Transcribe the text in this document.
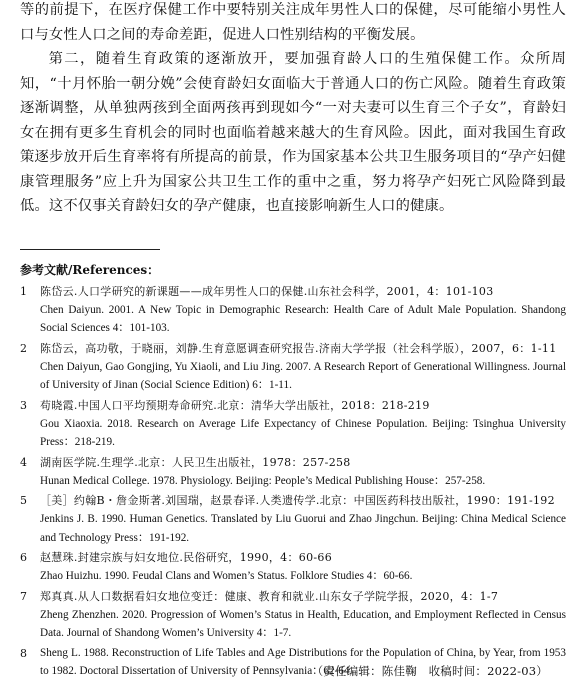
等的前提下，在医疗保健工作中要特别关注成年男性人口的保健，尽可能缩小男性人口与女性人口之间的寿命差距，促进人口性别结构的平衡发展。

第二，随着生育政策的逐渐放开，要加强育龄人口的生殖保健工作。众所周知，“十月怀胎一朝分娩”会使育龄妇女面临大于普通人口的伤亡风险。随着生育政策逐渐调整，从单独两孩到全面两孩再到现如今“一对夫妻可以生育三个子女”，育龄妇女在拥有更多生育机会的同时也面临着越来越大的生育风险。因此，面对我国生育政策逐步放开后生育率将有所提高的前景，作为国家基本公共卫生服务项目的“孕产妇健康管理服务”应上升为国家公共卫生工作的重中之重，努力将孕产妇死亡风险降到最低。这不仅事关育龄妇女的孕产健康，也直接影响新生人口的健康。

参考文献/References：
1 陈岱云.人口学研究的新课题——成年男性人口的保健.山东社会科学，2001，4：101-103
Chen Daiyun. 2001. A New Topic in Demographic Research: Health Care of Adult Male Population. Shandong Social Sciences 4：101-103.
2 陈岱云，高功敬，于晓丽，刘静.生育意愿调查研究报告.济南大学学报（社会科学版），2007，6：1-11
Chen Daiyun, Gao Gongjing, Yu Xiaoli, and Liu Jing. 2007. A Research Report of Generational Willingness. Journal of University of Jinan (Social Science Edition) 6：1-11.
3 苟晓霞.中国人口平均预期寿命研究.北京：清华大学出版社，2018：218-219
Gou Xiaoxia. 2018. Research on Average Life Expectancy of Chinese Population. Beijing: Tsinghua University Press：218-219.
4 湖南医学院.生理学.北京：人民卫生出版社，1978：257-258
Hunan Medical College. 1978. Physiology. Beijing: People’s Medical Publishing House：257-258.
5 ［美］约翰B・詹金斯著.刘国瑞，赵景春译.人类遗传学.北京：中国医药科技出版社，1990：191-192
Jenkins J. B. 1990. Human Genetics. Translated by Liu Guorui and Zhao Jingchun. Beijing: China Medical Science and Technology Press：191-192.
6 赵慧珠.封建宗族与妇女地位.民俗研究，1990，4：60-66
Zhao Huizhu. 1990. Feudal Clans and Women’s Status. Folklore Studies 4：60-66.
7 郑真真.从人口数据看妇女地位变迁：健康、教育和就业.山东女子学院学报，2020，4：1-7
Zheng Zhenzhen. 2020. Progression of Women’s Status in Health, Education, and Employment Reflected in Census Data. Journal of Shandong Women’s University 4：1-7.
8 Sheng L. 1988. Reconstruction of Life Tables and Age Distributions for the Population of China, by Year, from 1953 to 1982. Doctoral Dissertation of University of Pennsylvania：62-64.
（责任编辑：陈佳鞠　收稿时间：2022-03）
